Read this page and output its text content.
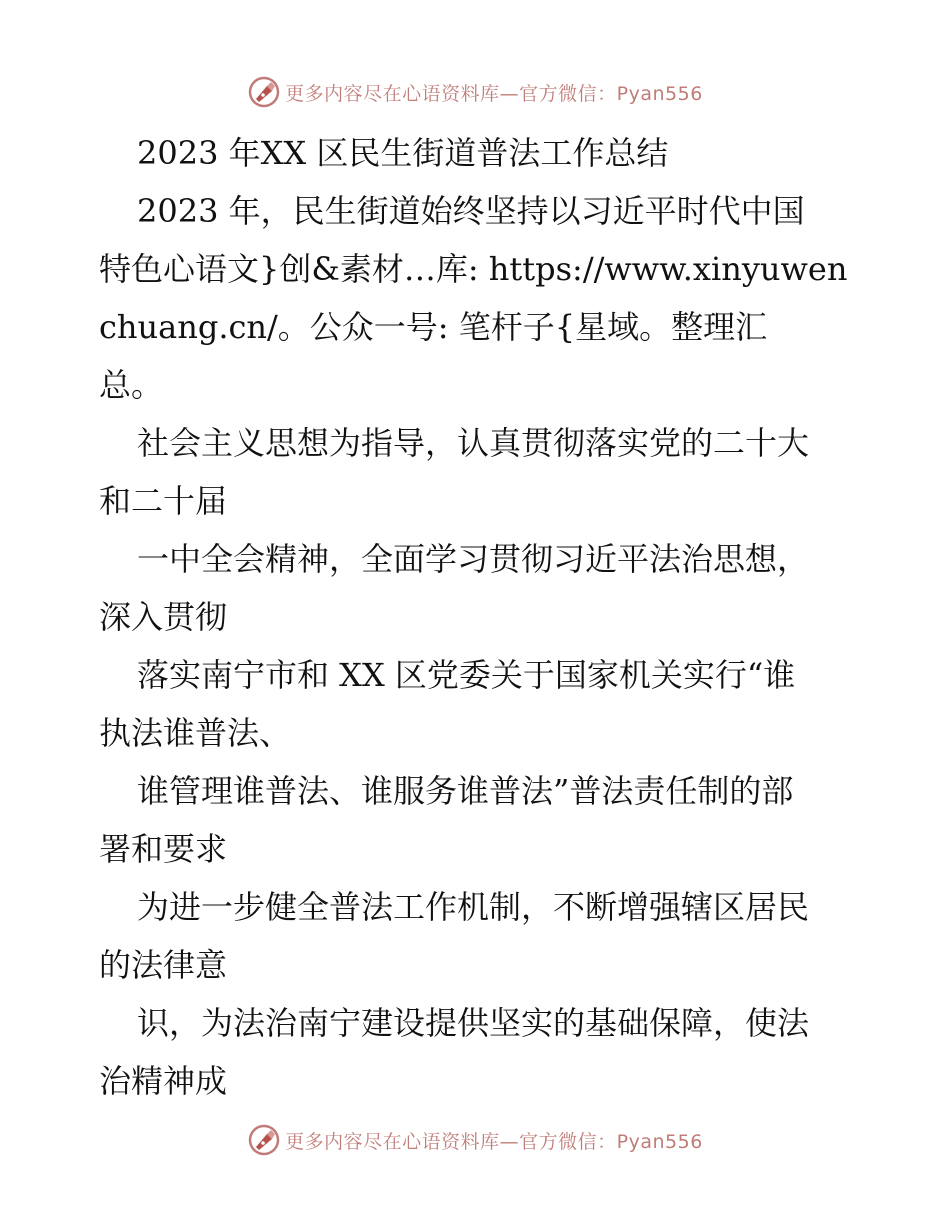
更多内容尽在心语资料库—官方微信：Pyan556

2023 年XX 区民生街道普法工作总结

2023 年，民生街道始终坚持以习近平时代中国

特色心语文}创&素材…库: https://www.xinyuwen

chuang.cn/。公众一号: 笔杆子{星域。整理汇

总。

社会主义思想为指导，认真贯彻落实党的二十大

和二十届

一中全会精神，全面学习贯彻习近平法治思想，

深入贯彻

落实南宁市和 XX 区党委关于国家机关实行“谁

执法谁普法、

谁管理谁普法、谁服务谁普法”普法责任制的部

署和要求

为进一步健全普法工作机制，不断增强辖区居民

的法律意

识，为法治南宁建设提供坚实的基础保障，使法

治精神成

更多内容尽在心语资料库—官方微信：Pyan556
